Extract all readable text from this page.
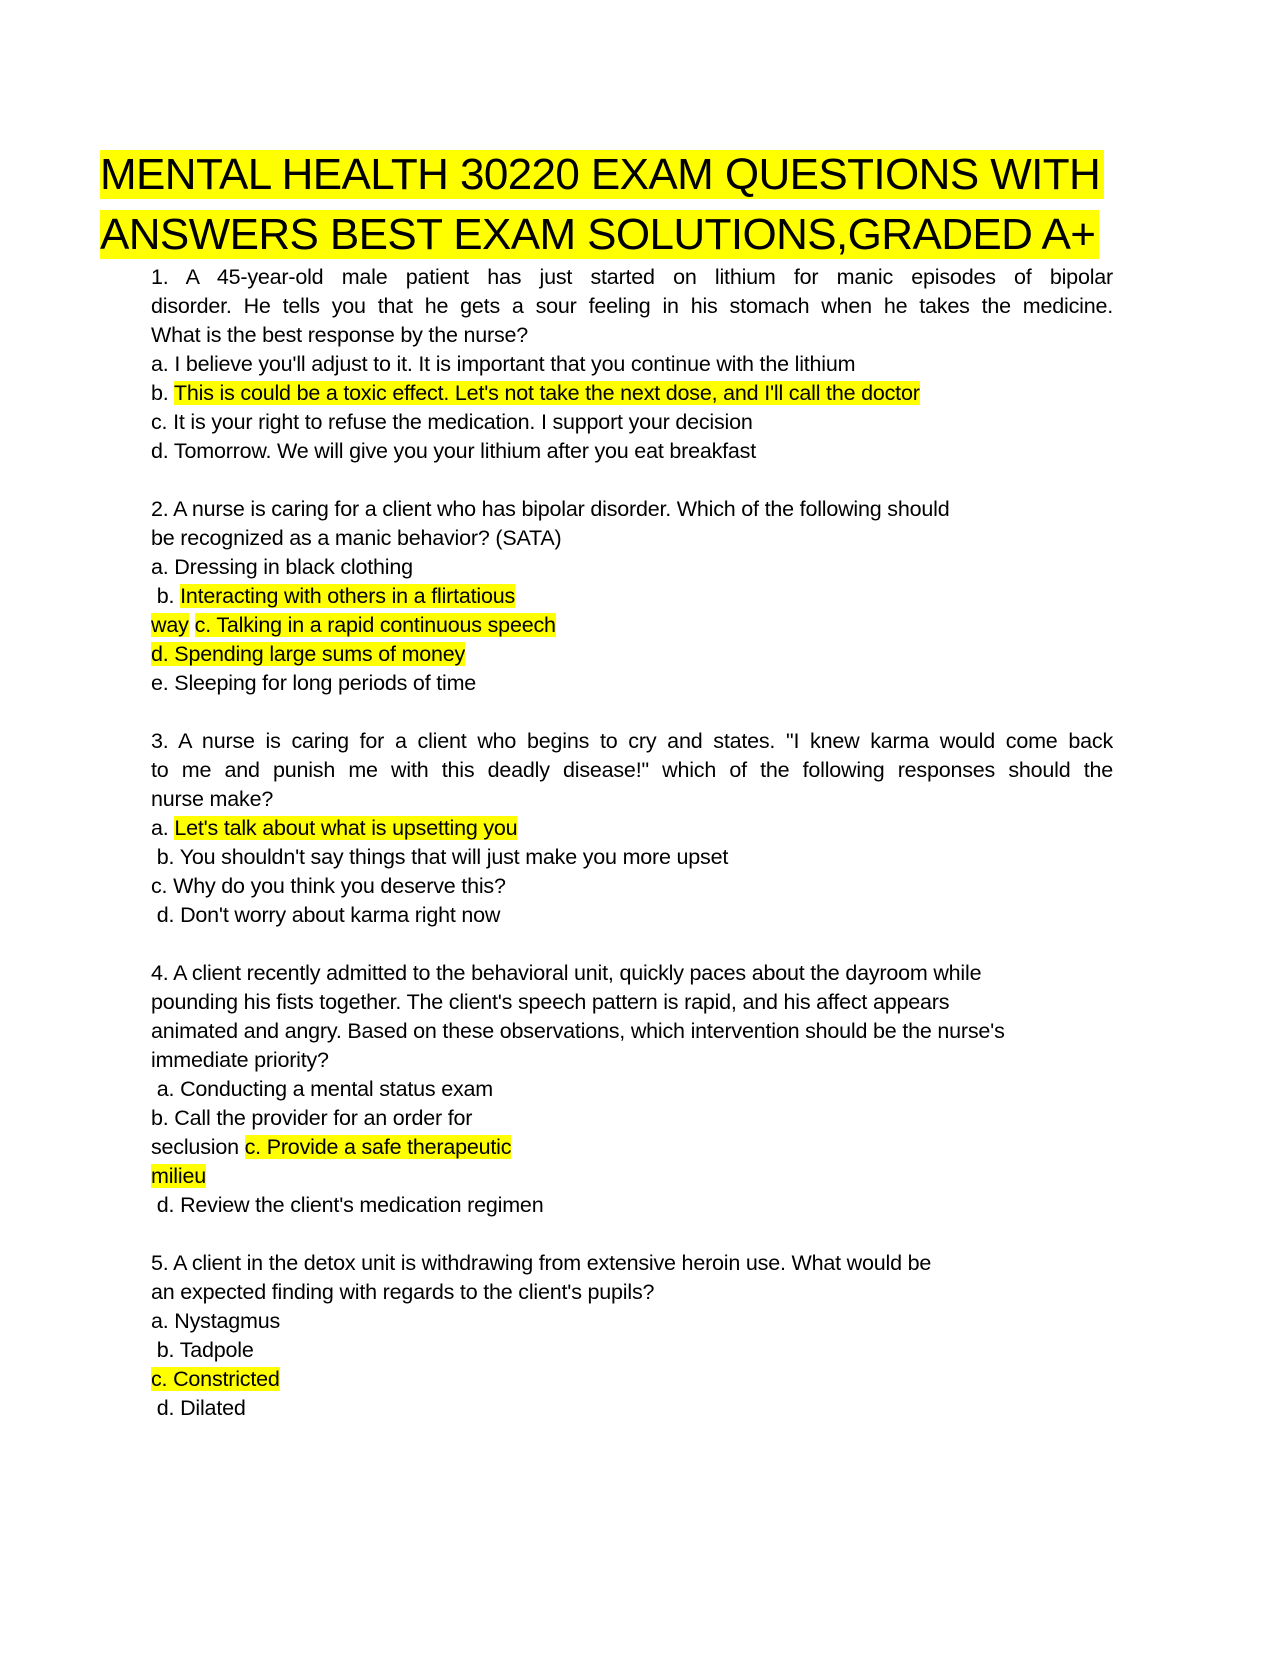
MENTAL HEALTH 30220 EXAM QUESTIONS WITH
ANSWERS BEST EXAM SOLUTIONS,GRADED A+
1. A 45-year-old male patient has just started on lithium for manic episodes of bipolar
disorder. He tells you that he gets a sour feeling in his stomach when he takes the medicine.
What is the best response by the nurse?
a. I believe you'll adjust to it. It is important that you continue with the lithium
b. This is could be a toxic effect. Let's not take the next dose, and I'll call the doctor
c. It is your right to refuse the medication. I support your decision
d. Tomorrow. We will give you your lithium after you eat breakfast
2. A nurse is caring for a client who has bipolar disorder. Which of the following should
be recognized as a manic behavior? (SATA)
a. Dressing in black clothing
b. Interacting with others in a flirtatious
way c. Talking in a rapid continuous speech
d. Spending large sums of money
e. Sleeping for long periods of time
3. A nurse is caring for a client who begins to cry and states. "I knew karma would come back
to me and punish me with this deadly disease!" which of the following responses should the
nurse make?
a. Let's talk about what is upsetting you
b. You shouldn't say things that will just make you more upset
c. Why do you think you deserve this?
d. Don't worry about karma right now
4. A client recently admitted to the behavioral unit, quickly paces about the dayroom while
pounding his fists together. The client's speech pattern is rapid, and his affect appears
animated and angry. Based on these observations, which intervention should be the nurse's
immediate priority?
a. Conducting a mental status exam
b. Call the provider for an order for
seclusion c. Provide a safe therapeutic
milieu
d. Review the client's medication regimen
5. A client in the detox unit is withdrawing from extensive heroin use. What would be
an expected finding with regards to the client's pupils?
a. Nystagmus
b. Tadpole
c. Constricted
d. Dilated
